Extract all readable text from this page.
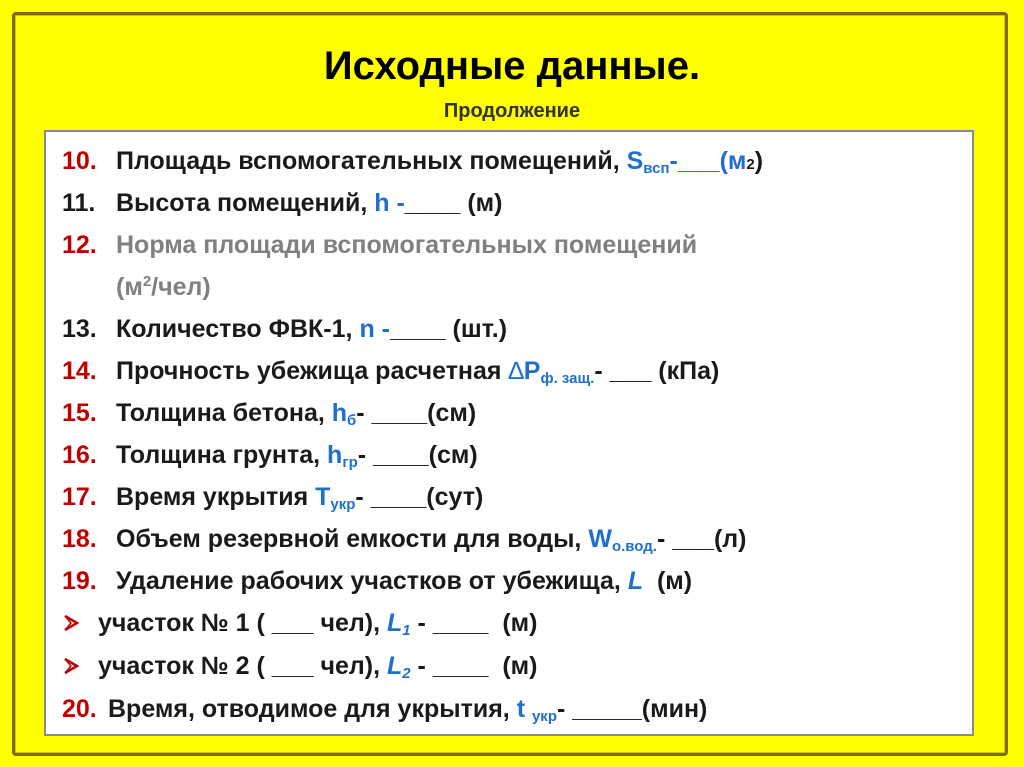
Исходные данные.
Продолжение
10. Площадь вспомогательных помещений,
$S_{всп}$ -___(м 2 )
11. Высота помещений,
h - ____ (м)
12. Норма площади вспомогательных помещений
$(м^2/чел)$
13. Количество ФВК-1,
n - ____ (шт.)
14. Прочность убежища расчетная
∆ $Р_{ф. защ.}$ - ___ (кПа)
15. Толщина бетона,
$h_б$ - ____(см)
16. Толщина грунта,
$h_{гр}$ - ____(см)
17. Время укрытия
$Т_{укр}$ - ____(сут)
18. Объем резервной емкости для воды,
$W_{о.вод.}$ - ___(л)
19. Удаление рабочих участков от убежища,
L (м)
участок № 1 ( ___ чел),
$L_1$ - ____  (м)
участок № 2 ( ___ чел),
$L_2$ - ____  (м)
20. Время, отводимое для укрытия,
t $_{укр}$ - _____(мин)
